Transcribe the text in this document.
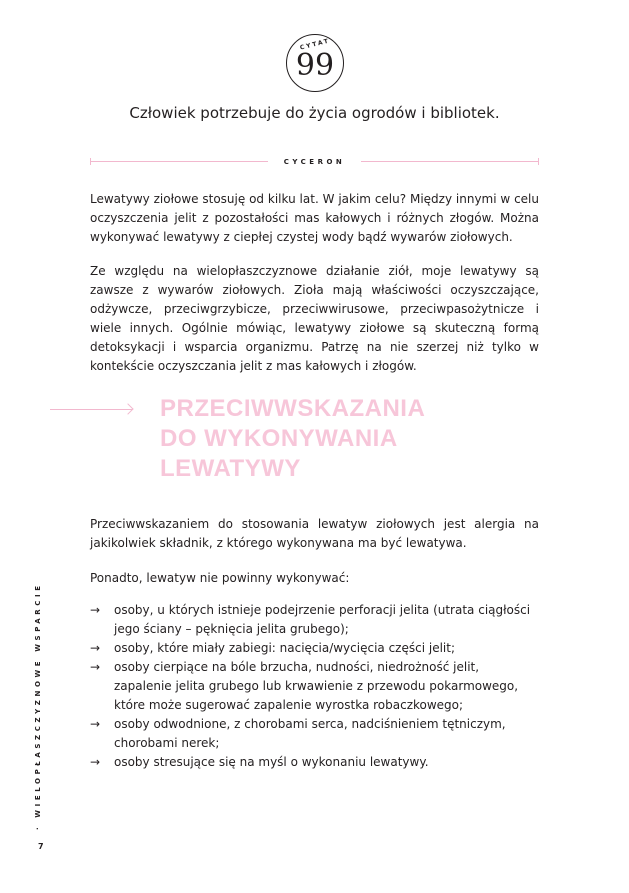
CYTAT
99

Człowiek potrzebuje do życia ogrodów i bibliotek.

CYCERON

Lewatywy ziołowe stosuję od kilku lat. W jakim celu? Między innymi w celu oczyszczenia jelit z pozostałości mas kałowych i różnych złogów. Można wykonywać lewatywy z ciepłej czystej wody bądź wywarów ziołowych.

Ze względu na wielopłaszczyznowe działanie ziół, moje lewatywy są zawsze z wywarów ziołowych. Zioła mają właściwości oczyszczające, odżywcze, przeciwgrzybicze, przeciwwirusowe, przeciwpasożytnicze i wiele innych. Ogólnie mówiąc, lewatywy ziołowe są skuteczną formą detoksykacji i wsparcia organizmu. Patrzę na nie szerzej niż tylko w kontekście oczyszczania jelit z mas kałowych i złogów.

PRZECIWWSKAZANIA
DO WYKONYWANIA
LEWATYWY

Przeciwwskazaniem do stosowania lewatyw ziołowych jest alergia na jakikolwiek składnik, z którego wykonywana ma być lewatywa.

Ponadto, lewatyw nie powinny wykonywać:

→ osoby, u których istnieje podejrzenie perforacji jelita (utrata ciągłości jego ściany – pęknięcia jelita grubego);
→ osoby, które miały zabiegi: nacięcia/wycięcia części jelit;
→ osoby cierpiące na bóle brzucha, nudności, niedrożność jelit, zapalenie jelita grubego lub krwawienie z przewodu pokarmowego, które może sugerować zapalenie wyrostka robaczkowego;
→ osoby odwodnione, z chorobami serca, nadciśnieniem tętniczym, chorobami nerek;
→ osoby stresujące się na myśl o wykonaniu lewatywy.
· WIELOPŁASZCZYZNOWE WSPARCIE
7
